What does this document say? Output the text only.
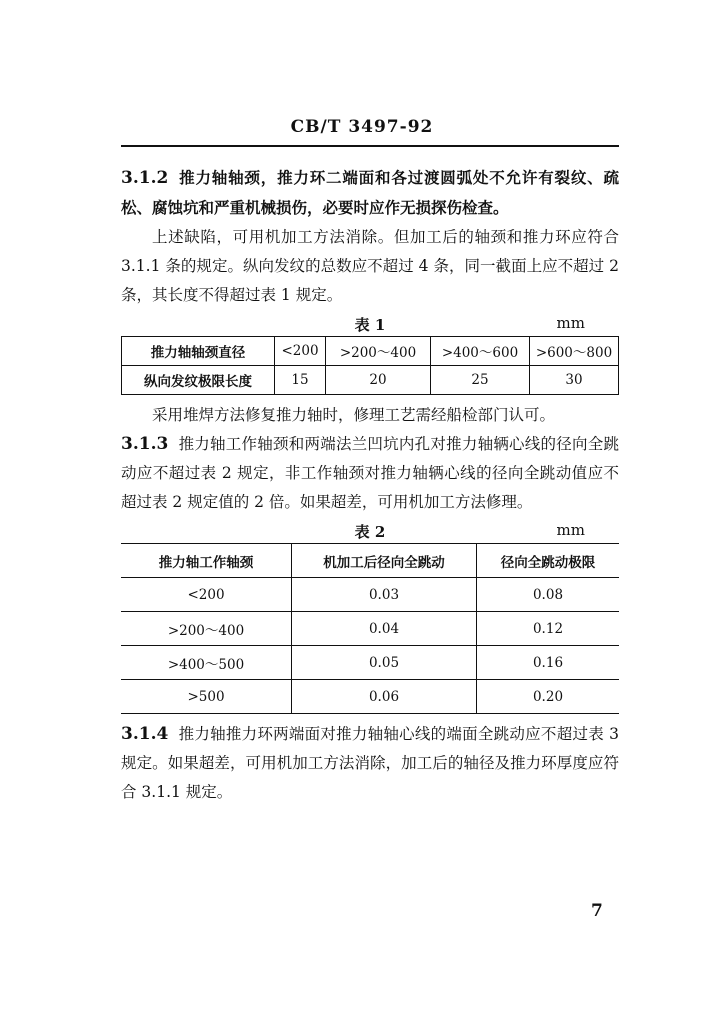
CB/T 3497-92

3.1.2 推力轴轴颈，推力环二端面和各过渡圆弧处不允许有裂纹、疏松、腐蚀坑和严重机械损伤，必要时应作无损探伤检查。

上述缺陷，可用机加工方法消除。但加工后的轴颈和推力环应符合 3.1.1 条的规定。纵向发纹的总数应不超过 4 条，同一截面上应不超过 2 条，其长度不得超过表 1 规定。

表 1	mm
推力轴轴颈直径	<200	>200～400	>400～600	>600～800
纵向发纹极限长度	15	20	25	30

采用堆焊方法修复推力轴时，修理工艺需经船检部门认可。

3.1.3 推力轴工作轴颈和两端法兰凹坑内孔对推力轴辆心线的径向全跳动应不超过表 2 规定，非工作轴颈对推力轴辆心线的径向全跳动值应不超过表 2 规定值的 2 倍。如果超差，可用机加工方法修理。

表 2	mm
推力轴工作轴颈	机加工后径向全跳动	径向全跳动极限
<200	0.03	0.08
>200～400	0.04	0.12
>400～500	0.05	0.16
>500	0.06	0.20

3.1.4 推力轴推力环两端面对推力轴轴心线的端面全跳动应不超过表 3 规定。如果超差，可用机加工方法消除，加工后的轴径及推力环厚度应符合 3.1.1 规定。

7
